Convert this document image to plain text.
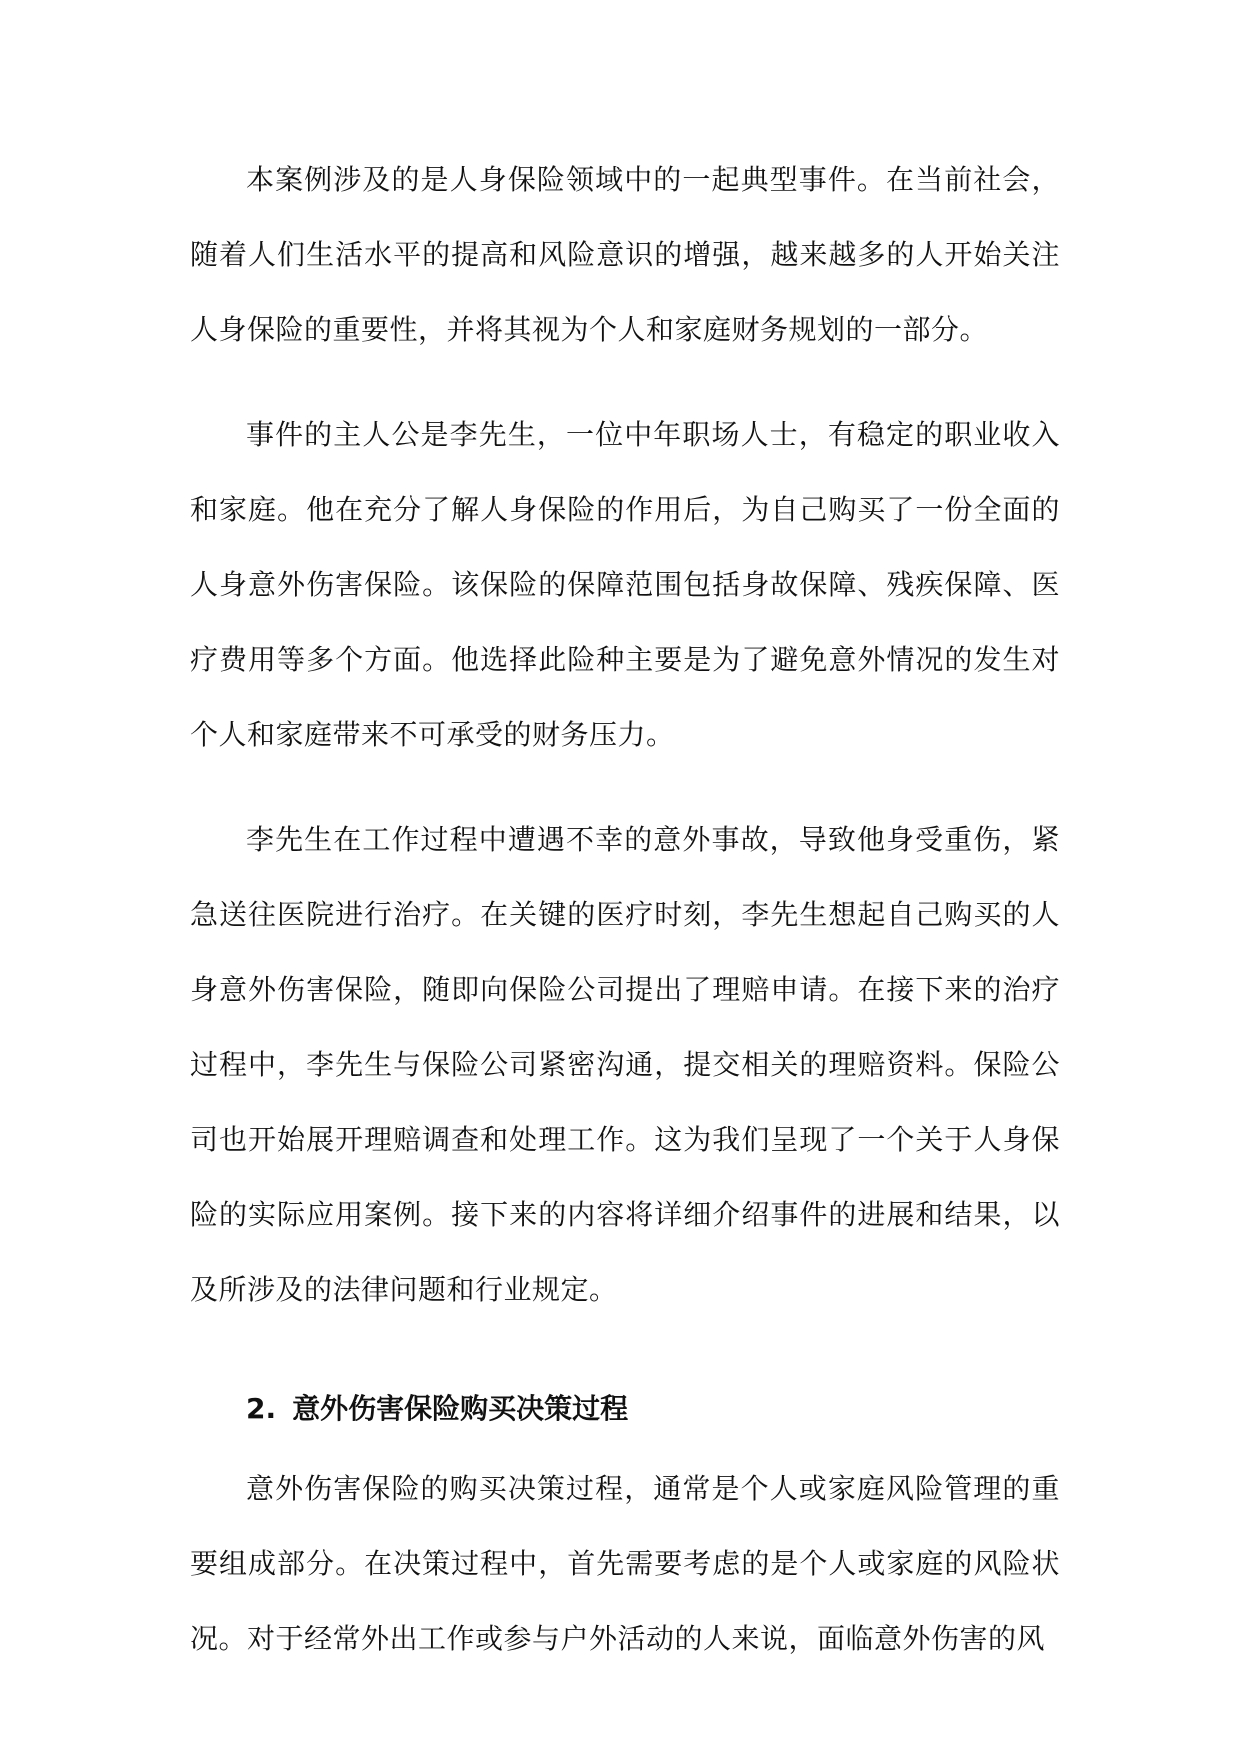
本案例涉及的是人身保险领域中的一起典型事件。在当前社会，随着人们生活水平的提高和风险意识的增强，越来越多的人开始关注人身保险的重要性，并将其视为个人和家庭财务规划的一部分。

事件的主人公是李先生，一位中年职场人士，有稳定的职业收入和家庭。他在充分了解人身保险的作用后，为自己购买了一份全面的人身意外伤害保险。该保险的保障范围包括身故保障、残疾保障、医疗费用等多个方面。他选择此险种主要是为了避免意外情况的发生对个人和家庭带来不可承受的财务压力。

李先生在工作过程中遭遇不幸的意外事故，导致他身受重伤，紧急送往医院进行治疗。在关键的医疗时刻，李先生想起自己购买的人身意外伤害保险，随即向保险公司提出了理赔申请。在接下来的治疗过程中，李先生与保险公司紧密沟通，提交相关的理赔资料。保险公司也开始展开理赔调查和处理工作。这为我们呈现了一个关于人身保险的实际应用案例。接下来的内容将详细介绍事件的进展和结果，以及所涉及的法律问题和行业规定。

2. 意外伤害保险购买决策过程

意外伤害保险的购买决策过程，通常是个人或家庭风险管理的重要组成部分。在决策过程中，首先需要考虑的是个人或家庭的风险状况。对于经常外出工作或参与户外活动的人来说，面临意外伤害的风
